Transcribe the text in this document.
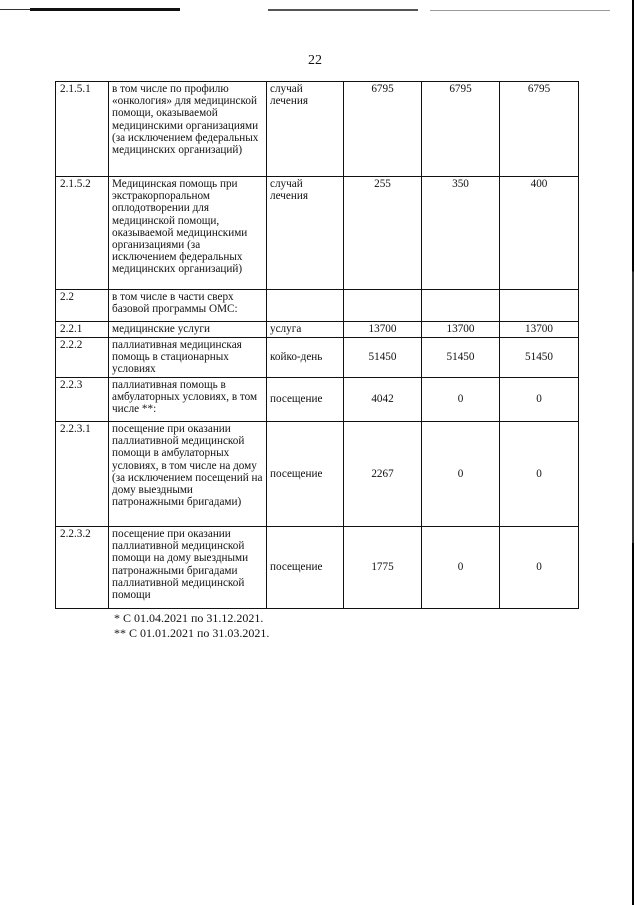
22
2.1.5.1	в том числе по профилю «онкология» для медицинской помощи, оказываемой медицинскими организациями (за исключением федеральных медицинских организаций)	случай лечения	6795	6795	6795
2.1.5.2	Медицинская помощь при экстракорпоральном оплодотворении для медицинской помощи, оказываемой медицинскими организациями (за исключением федеральных медицинских организаций)	случай лечения	255	350	400
2.2	в том числе в части сверх базовой программы ОМС:				
2.2.1	медицинские услуги	услуга	13700	13700	13700
2.2.2	паллиативная медицинская помощь в стационарных условиях	койко-день	51450	51450	51450
2.2.3	паллиативная помощь в амбулаторных условиях, в том числе **:	посещение	4042	0	0
2.2.3.1	посещение при оказании паллиативной медицинской помощи в амбулаторных условиях, в том числе на дому (за исключением посещений на дому выездными патронажными бригадами)	посещение	2267	0	0
2.2.3.2	посещение при оказании паллиативной медицинской помощи на дому выездными патронажными бригадами паллиативной медицинской помощи	посещение	1775	0	0
* С 01.04.2021 по 31.12.2021.
** С 01.01.2021 по 31.03.2021.
